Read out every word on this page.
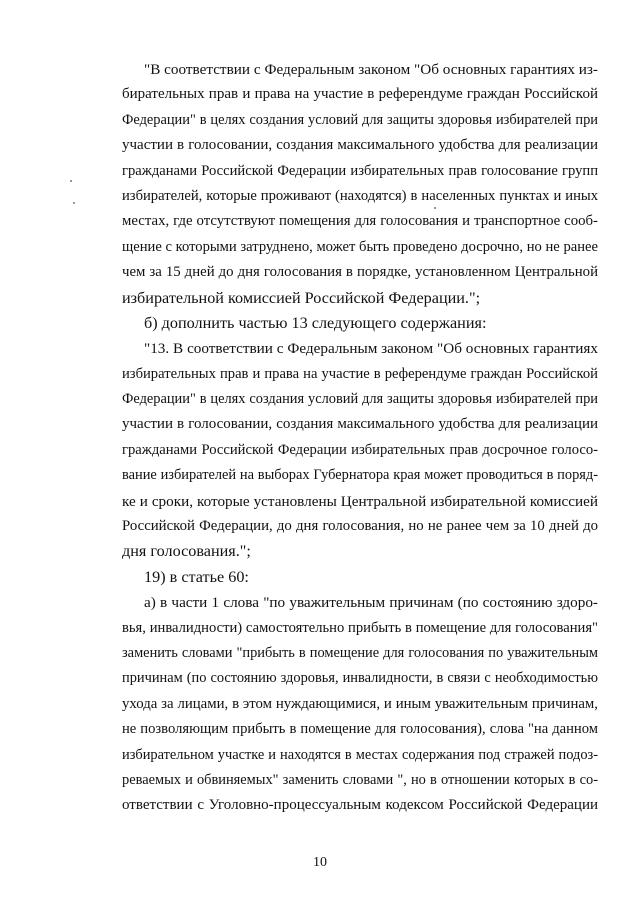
"В соответствии с Федеральным законом "Об основных гарантиях из-
бирательных прав и права на участие в референдуме граждан Российской
Федерации" в целях создания условий для защиты здоровья избирателей при
участии в голосовании, создания максимального удобства для реализации
гражданами Российской Федерации избирательных прав голосование групп
избирателей, которые проживают (находятся) в населенных пунктах и иных
местах, где отсутствуют помещения для голосования и транспортное сооб-
щение с которыми затруднено, может быть проведено досрочно, но не ранее
чем за 15 дней до дня голосования в порядке, установленном Центральной
избирательной комиссией Российской Федерации.";
б) дополнить частью 13 следующего содержания:
"13. В соответствии с Федеральным законом "Об основных гарантиях
избирательных прав и права на участие в референдуме граждан Российской
Федерации" в целях создания условий для защиты здоровья избирателей при
участии в голосовании, создания максимального удобства для реализации
гражданами Российской Федерации избирательных прав досрочное голосо-
вание избирателей на выборах Губернатора края может проводиться в поряд-
ке и сроки, которые установлены Центральной избирательной комиссией
Российской Федерации, до дня голосования, но не ранее чем за 10 дней до
дня голосования.";
19) в статье 60:
а) в части 1 слова "по уважительным причинам (по состоянию здоро-
вья, инвалидности) самостоятельно прибыть в помещение для голосования"
заменить словами "прибыть в помещение для голосования по уважительным
причинам (по состоянию здоровья, инвалидности, в связи с необходимостью
ухода за лицами, в этом нуждающимися, и иным уважительным причинам,
не позволяющим прибыть в помещение для голосования), слова "на данном
избирательном участке и находятся в местах содержания под стражей подоз-
реваемых и обвиняемых" заменить словами ", но в отношении которых в со-
ответствии с Уголовно-процессуальным кодексом Российской Федерации
10
